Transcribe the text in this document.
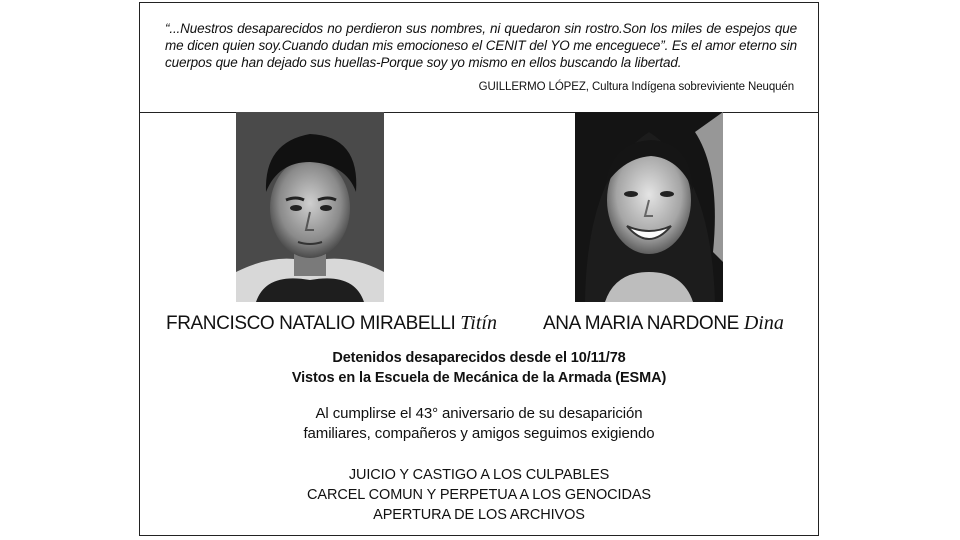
“...Nuestros desaparecidos no perdieron sus nombres, ni quedaron sin rostro.Son los miles de espejos que me dicen quien soy.Cuando dudan mis emocioneso el CENIT del YO me enceguece”. Es el amor eterno sin cuerpos que han dejado sus huellas-Porque soy yo mismo en ellos buscando la libertad.
GUILLERMO LÓPEZ, Cultura Indígena sobreviviente Neuquén
FRANCISCO NATALIO MIRABELLI Titín ANA MARIA NARDONE Dina
Detenidos desaparecidos desde el 10/11/78
Vistos en la Escuela de Mecánica de la Armada (ESMA)
Al cumplirse el 43° aniversario de su desaparición
familiares, compañeros y amigos seguimos exigiendo
JUICIO Y CASTIGO A LOS CULPABLES
CARCEL COMUN Y PERPETUA A LOS GENOCIDAS
APERTURA DE LOS ARCHIVOS
